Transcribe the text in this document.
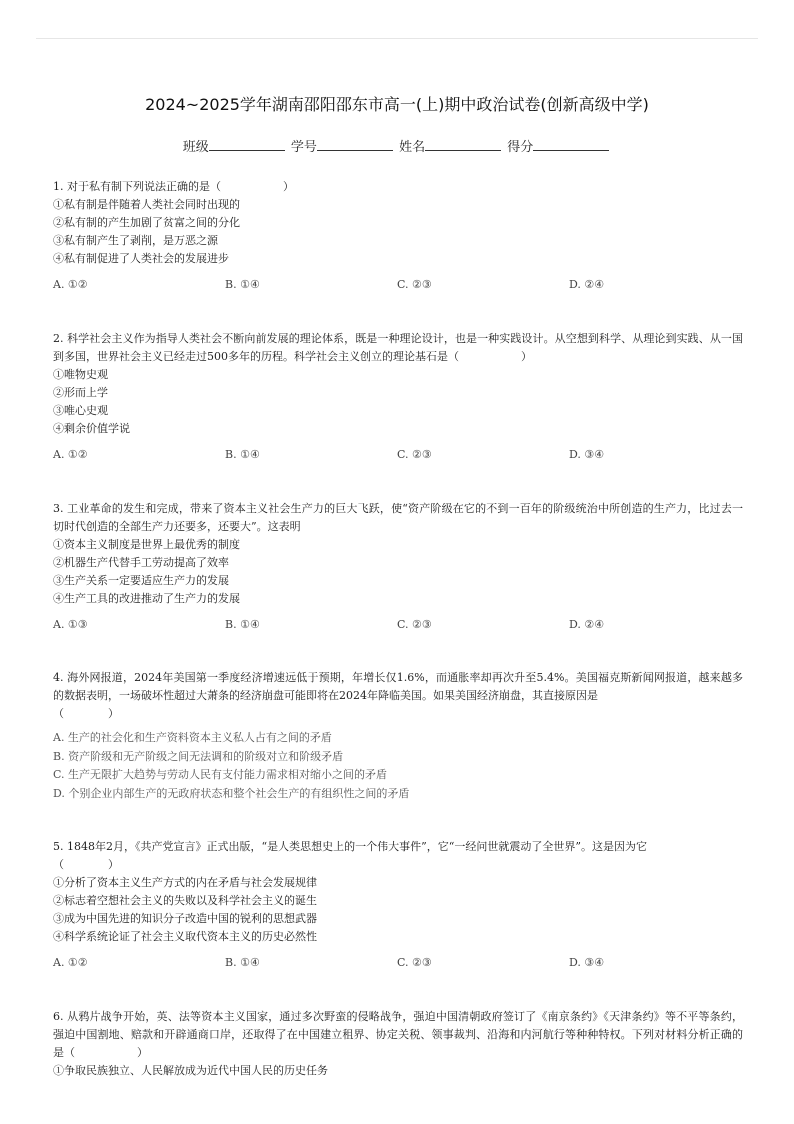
2024~2025学年湖南邵阳邵东市高一(上)期中政治试卷(创新高级中学)
班级	学号	姓名	得分
1. 对于私有制下列说法正确的是（	）
①私有制是伴随着人类社会同时出现的
②私有制的产生加剧了贫富之间的分化
③私有制产生了剥削，是万恶之源
④私有制促进了人类社会的发展进步
A. ①②	B. ①④	C. ②③	D. ②④
2. 科学社会主义作为指导人类社会不断向前发展的理论体系，既是一种理论设计，也是一种实践设计。从空想到科学、从理论到实践、从一国到多国，世界社会主义已经走过500多年的历程。科学社会主义创立的理论基石是（	）
①唯物史观
②形而上学
③唯心史观
④剩余价值学说
A. ①②	B. ①④	C. ②③	D. ③④
3. 工业革命的发生和完成，带来了资本主义社会生产力的巨大飞跃，使“资产阶级在它的不到一百年的阶级统治中所创造的生产力，比过去一切时代创造的全部生产力还要多，还要大”。这表明
①资本主义制度是世界上最优秀的制度
②机器生产代替手工劳动提高了效率
③生产关系一定要适应生产力的发展
④生产工具的改进推动了生产力的发展
A. ①③	B. ①④	C. ②③	D. ②④
4. 海外网报道，2024年美国第一季度经济增速远低于预期，年增长仅1.6%，而通胀率却再次升至5.4%。美国福克斯新闻网报道，越来越多的数据表明，一场破坏性超过大萧条的经济崩盘可能即将在2024年降临美国。如果美国经济崩盘，其直接原因是
（　　　　）
A. 生产的社会化和生产资料资本主义私人占有之间的矛盾
B. 资产阶级和无产阶级之间无法调和的阶级对立和阶级矛盾
C. 生产无限扩大趋势与劳动人民有支付能力需求相对缩小之间的矛盾
D. 个别企业内部生产的无政府状态和整个社会生产的有组织性之间的矛盾
5. 1848年2月，《共产党宣言》正式出版，“是人类思想史上的一个伟大事件”，它“一经问世就震动了全世界”。这是因为它
（　　　　）
①分析了资本主义生产方式的内在矛盾与社会发展规律
②标志着空想社会主义的失败以及科学社会主义的诞生
③成为中国先进的知识分子改造中国的锐利的思想武器
④科学系统论证了社会主义取代资本主义的历史必然性
A. ①②	B. ①④	C. ②③	D. ③④
6. 从鸦片战争开始，英、法等资本主义国家，通过多次野蛮的侵略战争，强迫中国清朝政府签订了《南京条约》《天津条约》等不平等条约，强迫中国割地、赔款和开辟通商口岸，还取得了在中国建立租界、协定关税、领事裁判、沿海和内河航行等种种特权。下列对材料分析正确的是（	）
①争取民族独立、人民解放成为近代中国人民的历史任务
